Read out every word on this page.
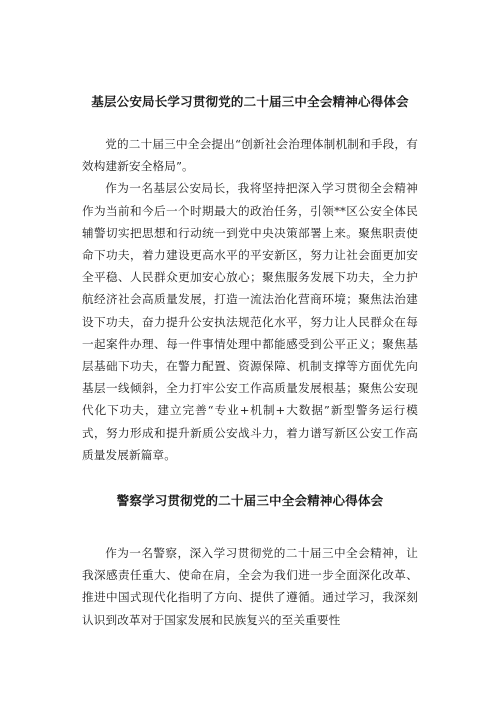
基层公安局长学习贯彻党的二十届三中全会精神心得体会

党的二十届三中全会提出“创新社会治理体制机制和手段，有效构建新安全格局”。

作为一名基层公安局长，我将坚持把深入学习贯彻全会精神作为当前和今后一个时期最大的政治任务，引领**区公安全体民辅警切实把思想和行动统一到党中央决策部署上来。聚焦职责使命下功夫，着力建设更高水平的平安新区，努力让社会面更加安全平稳、人民群众更加安心放心；聚焦服务发展下功夫，全力护航经济社会高质量发展，打造一流法治化营商环境；聚焦法治建设下功夫，奋力提升公安执法规范化水平，努力让人民群众在每一起案件办理、每一件事情处理中都能感受到公平正义；聚焦基层基础下功夫，在警力配置、资源保障、机制支撑等方面优先向基层一线倾斜，全力打牢公安工作高质量发展根基；聚焦公安现代化下功夫，建立完善“专业+机制+大数据”新型警务运行模式，努力形成和提升新质公安战斗力，着力谱写新区公安工作高质量发展新篇章。

警察学习贯彻党的二十届三中全会精神心得体会

作为一名警察，深入学习贯彻党的二十届三中全会精神，让我深感责任重大、使命在肩，全会为我们进一步全面深化改革、推进中国式现代化指明了方向、提供了遵循。通过学习，我深刻认识到改革对于国家发展和民族复兴的至关重要性
